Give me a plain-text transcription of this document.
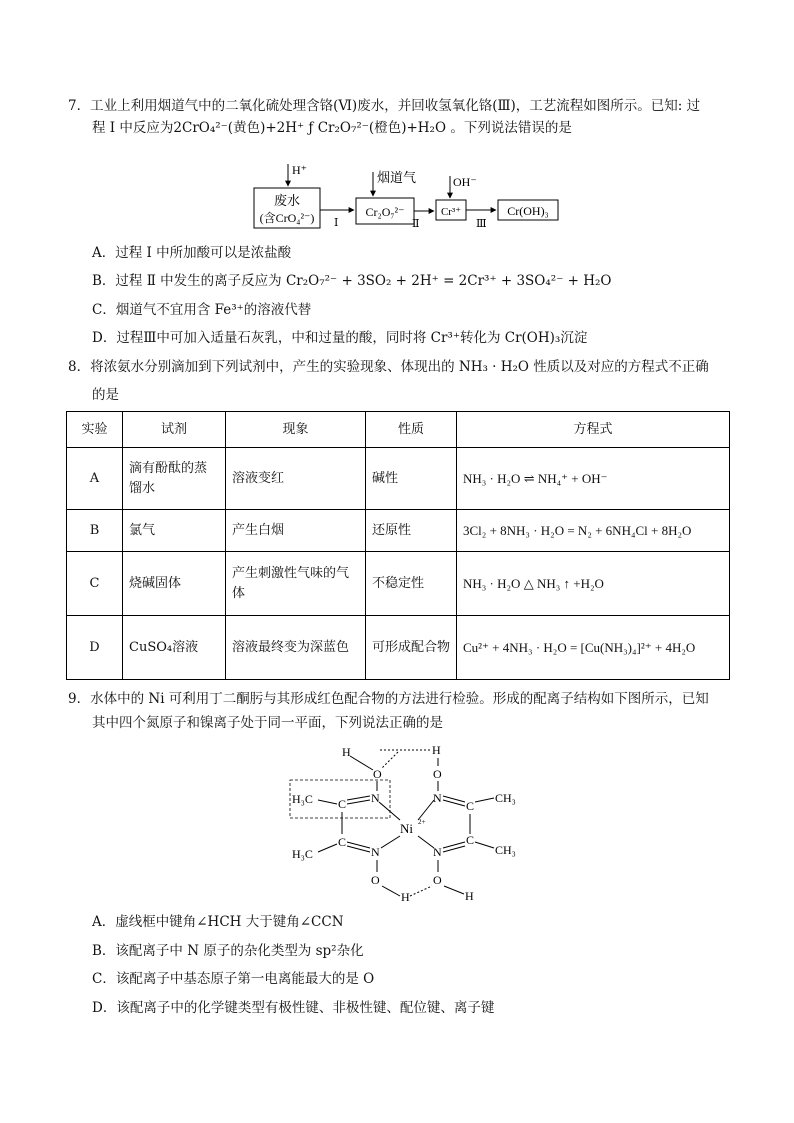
7．工业上利用烟道气中的二氧化硫处理含铬(Ⅵ)废水，并回收氢氧化铬(Ⅲ)，工艺流程如图所示。已知: 过
程 Ⅰ 中反应为2CrO₄²⁻(黄色)+2H⁺ ƒ Cr₂O₇²⁻(橙色)+H₂O 。下列说法错误的是
H⁺
废水
(含CrO₄²⁻) Ⅰ
烟道气
Cr₂O₇²⁻
Ⅱ
OH⁻
Cr³⁺
Ⅲ
Cr(OH)₃
A．过程 Ⅰ 中所加酸可以是浓盐酸
B．过程 Ⅱ 中发生的离子反应为 Cr₂O₇²⁻ + 3SO₂ + 2H⁺ = 2Cr³⁺ + 3SO₄²⁻ + H₂O
C．烟道气不宜用含 Fe³⁺的溶液代替
D．过程Ⅲ中可加入适量石灰乳，中和过量的酸，同时将 Cr³⁺转化为 Cr(OH)₃沉淀
8．将浓氨水分别滴加到下列试剂中，产生的实验现象、体现出的 NH₃ · H₂O 性质以及对应的方程式不正确
的是
实验	试剂	现象	性质	方程式
A	滴有酚酞的蒸馏水	溶液变红	碱性	NH₃ · H₂O ⇌ NH₄⁺ + OH⁻
B	氯气	产生白烟	还原性	3Cl₂ + 8NH₃ · H₂O = N₂ + 6NH₄Cl + 8H₂O
C	烧碱固体	产生刺激性气味的气体	不稳定性	NH₃ · H₂O △ NH₃ ↑ +H₂O
D	CuSO₄溶液	溶液最终变为深蓝色	可形成配合物	Cu²⁺ + 4NH₃ · H₂O = [Cu(NH₃)₄]²⁺ + 4H₂O
9．水体中的 Ni 可利用丁二酮肟与其形成红色配合物的方法进行检验。形成的配离子结构如下图所示，已知
其中四个氮原子和镍离子处于同一平面，下列说法正确的是
H
O
H
O
H₃C C N	N
C
CH₃
Ni 2+
H₃C
C
N	N
C
CH₃
O	O
H	H
A．虚线框中键角∠HCH 大于键角∠CCN
B．该配离子中 N 原子的杂化类型为 sp²杂化
C．该配离子中基态原子第一电离能最大的是 O
D．该配离子中的化学键类型有极性键、非极性键、配位键、离子键
